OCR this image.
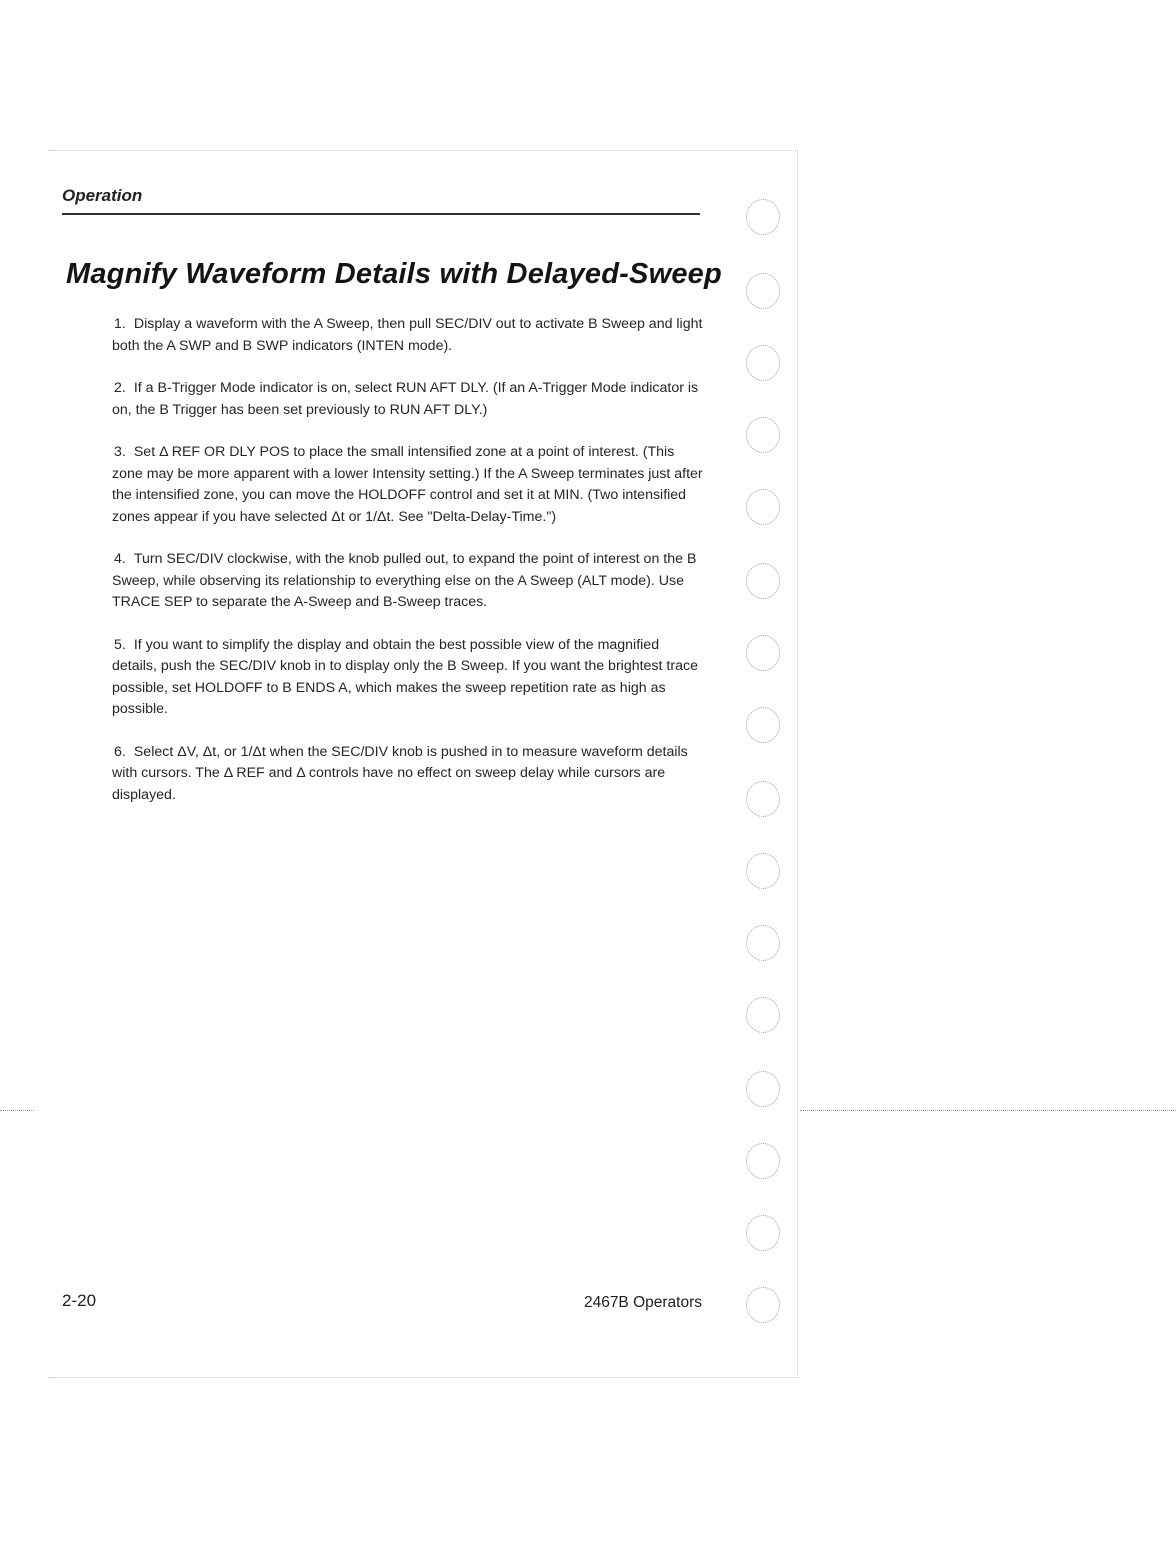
Operation
Magnify Waveform Details with Delayed-Sweep
1. Display a waveform with the A Sweep, then pull SEC/DIV out to activate B Sweep and light both the A SWP and B SWP indicators (INTEN mode).
2. If a B-Trigger Mode indicator is on, select RUN AFT DLY. (If an A-Trigger Mode indicator is on, the B Trigger has been set previously to RUN AFT DLY.)
3. Set Δ REF OR DLY POS to place the small intensified zone at a point of interest. (This zone may be more apparent with a lower Intensity setting.) If the A Sweep terminates just after the intensified zone, you can move the HOLDOFF control and set it at MIN. (Two intensified zones appear if you have selected Δt or 1/Δt. See "Delta-Delay-Time.")
4. Turn SEC/DIV clockwise, with the knob pulled out, to expand the point of interest on the B Sweep, while observing its relationship to everything else on the A Sweep (ALT mode). Use TRACE SEP to separate the A-Sweep and B-Sweep traces.
5. If you want to simplify the display and obtain the best possible view of the magnified details, push the SEC/DIV knob in to display only the B Sweep. If you want the brightest trace possible, set HOLDOFF to B ENDS A, which makes the sweep repetition rate as high as possible.
6. Select ΔV, Δt, or 1/Δt when the SEC/DIV knob is pushed in to measure waveform details with cursors. The Δ REF and Δ controls have no effect on sweep delay while cursors are displayed.
2-20	2467B Operators
